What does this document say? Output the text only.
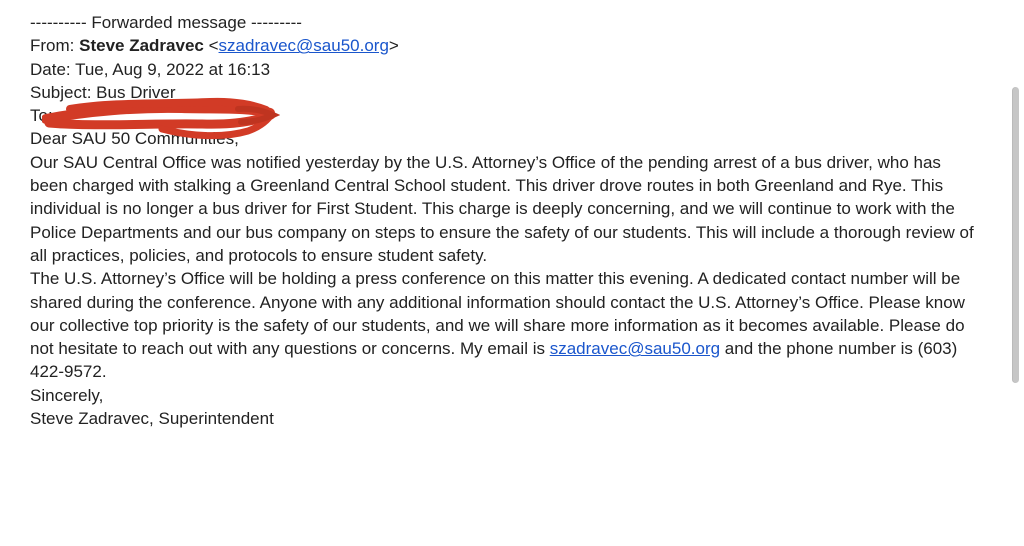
---------- Forwarded message ---------
From: Steve Zadravec <szadravec@sau50.org>
Date: Tue, Aug 9, 2022 at 16:13
Subject: Bus Driver
To:

Dear SAU 50 Communities,

Our SAU Central Office was notified yesterday by the U.S. Attorney’s Office of the pending arrest of a bus driver, who has been charged with stalking a Greenland Central School student. This driver drove routes in both Greenland and Rye. This individual is no longer a bus driver for First Student. This charge is deeply concerning, and we will continue to work with the Police Departments and our bus company on steps to ensure the safety of our students. This will include a thorough review of all practices, policies, and protocols to ensure student safety.

The U.S. Attorney’s Office will be holding a press conference on this matter this evening. A dedicated contact number will be shared during the conference. Anyone with any additional information should contact the U.S. Attorney’s Office. Please know our collective top priority is the safety of our students, and we will share more information as it becomes available. Please do not hesitate to reach out with any questions or concerns. My email is szadravec@sau50.org and the phone number is (603) 422-9572.

Sincerely,

Steve Zadravec, Superintendent
